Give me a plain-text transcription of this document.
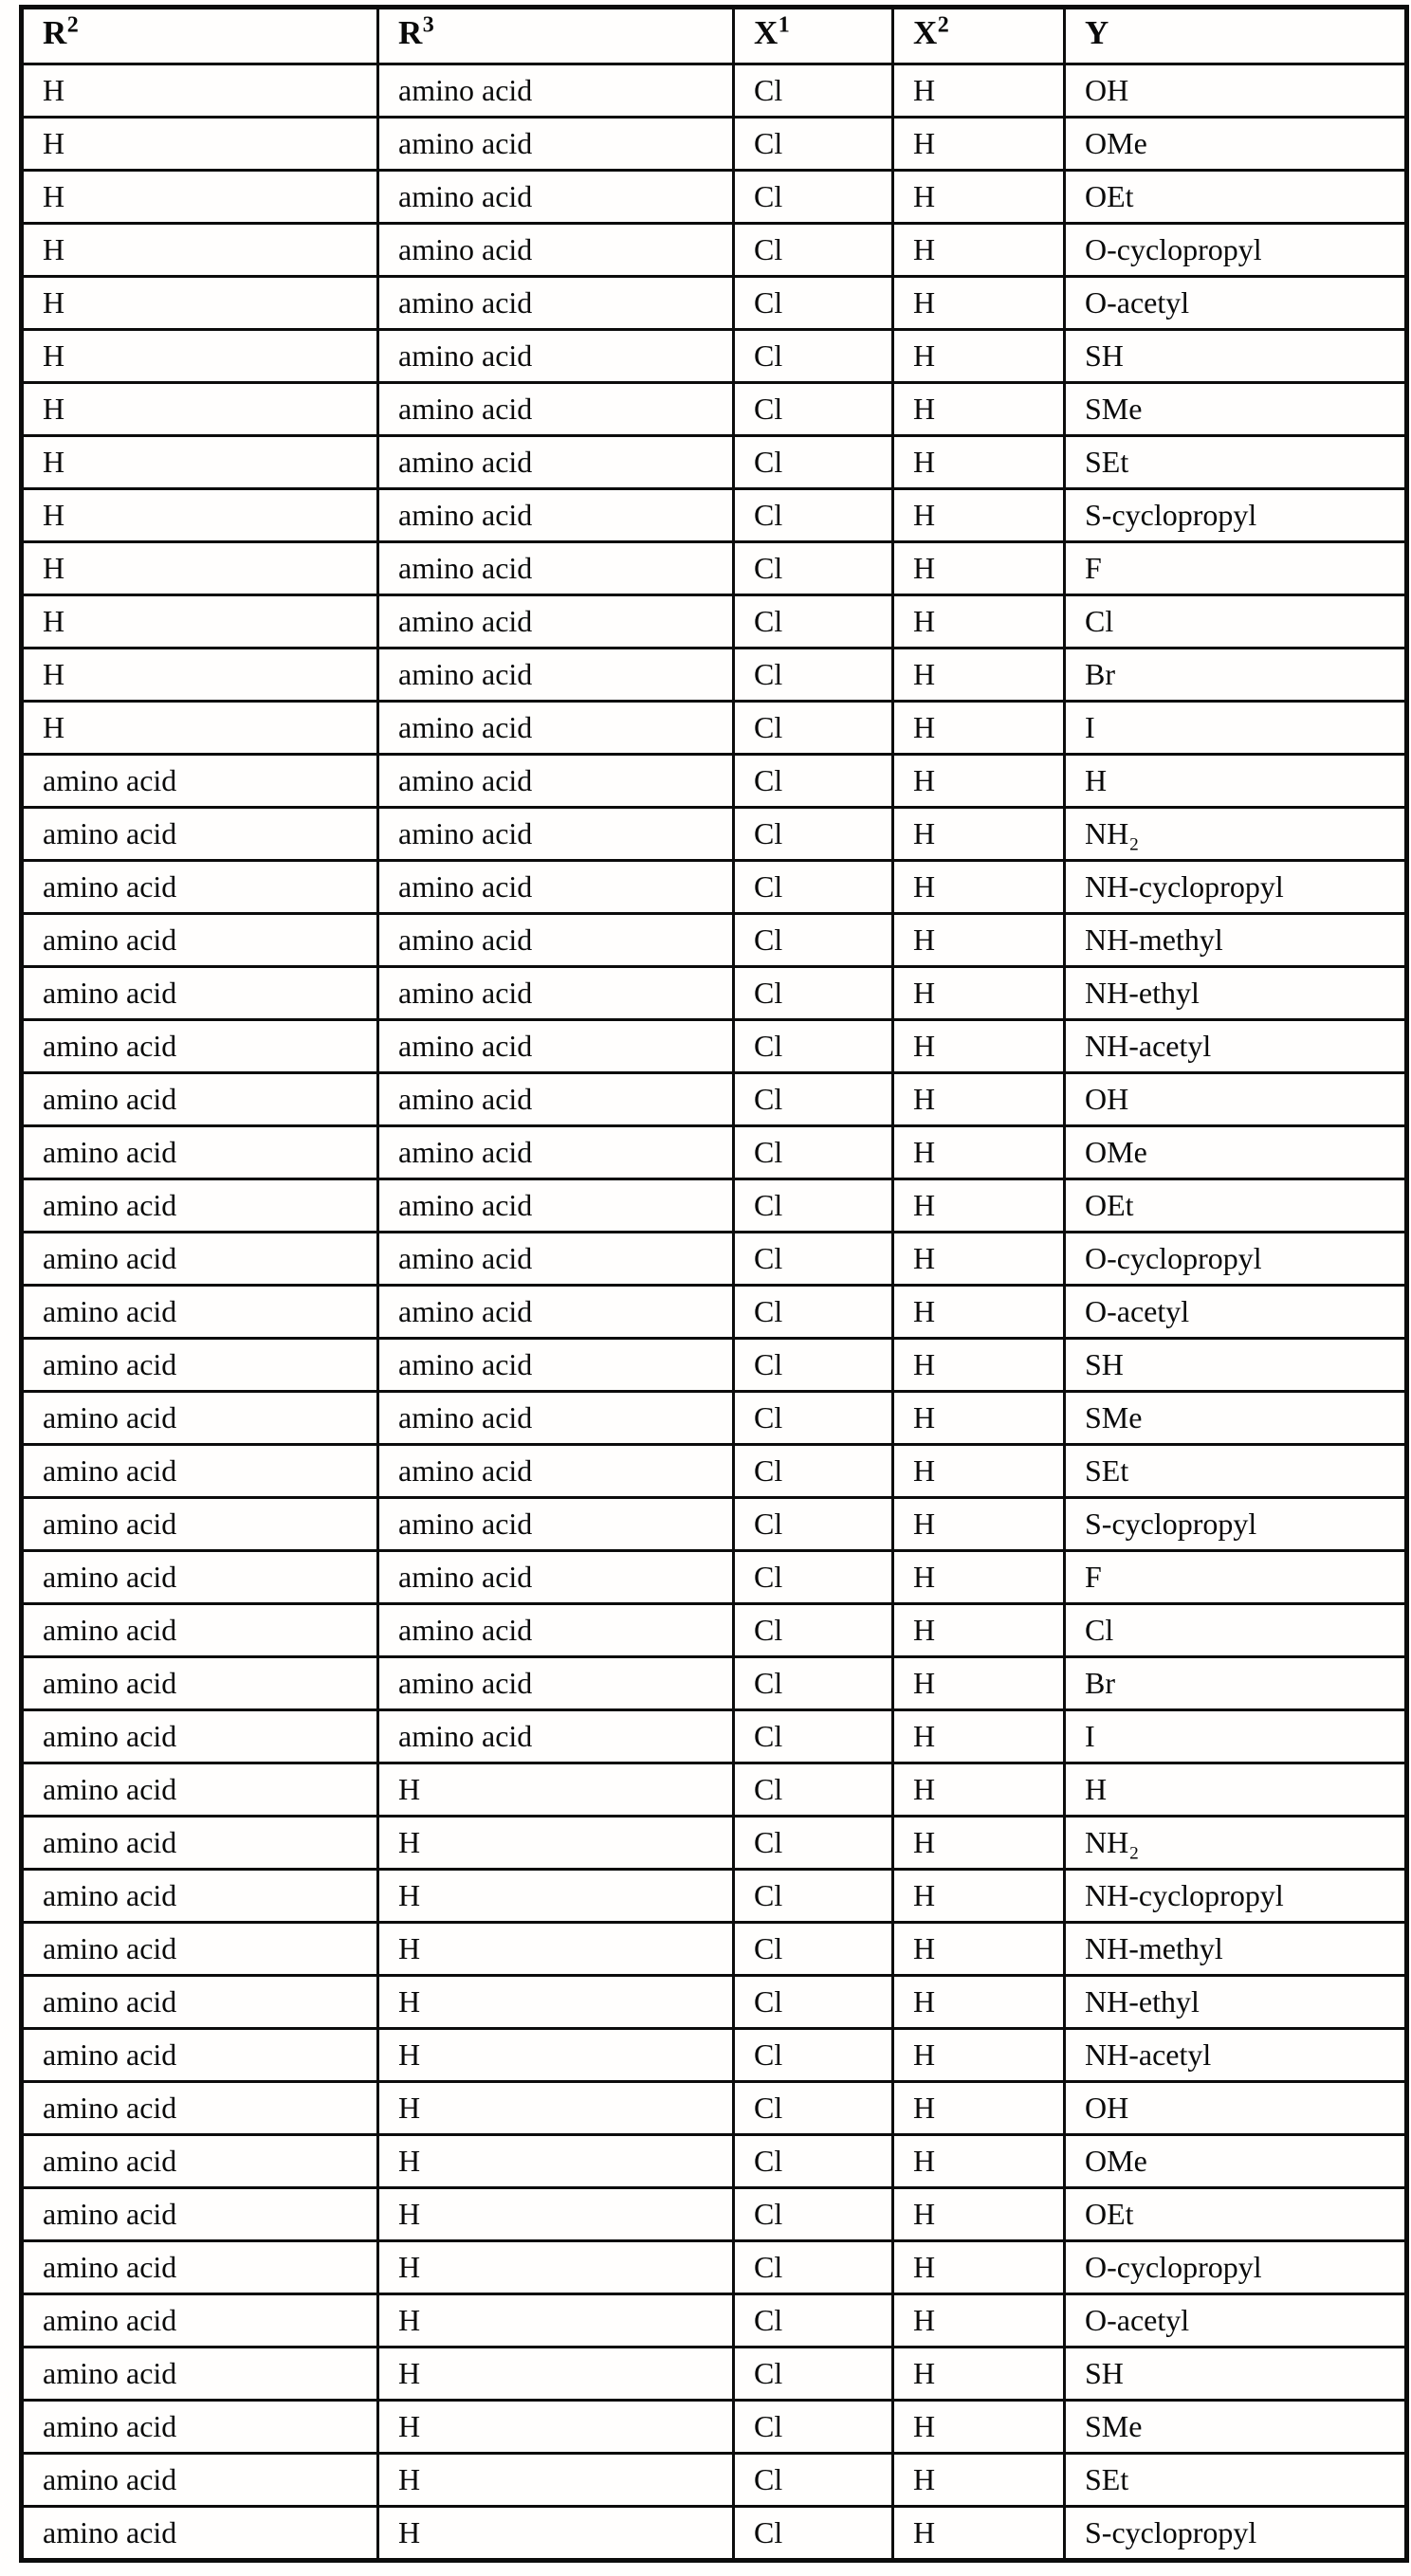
$R^2$	$R^3$	$X^1$	$X^2$	Y
H	amino acid	Cl	H	OH
H	amino acid	Cl	H	OMe
H	amino acid	Cl	H	OEt
H	amino acid	Cl	H	O-cyclopropyl
H	amino acid	Cl	H	O-acetyl
H	amino acid	Cl	H	SH
H	amino acid	Cl	H	SMe
H	amino acid	Cl	H	SEt
H	amino acid	Cl	H	S-cyclopropyl
H	amino acid	Cl	H	F
H	amino acid	Cl	H	Cl
H	amino acid	Cl	H	Br
H	amino acid	Cl	H	I
amino acid	amino acid	Cl	H	H
amino acid	amino acid	Cl	H	NH₂
amino acid	amino acid	Cl	H	NH-cyclopropyl
amino acid	amino acid	Cl	H	NH-methyl
amino acid	amino acid	Cl	H	NH-ethyl
amino acid	amino acid	Cl	H	NH-acetyl
amino acid	amino acid	Cl	H	OH
amino acid	amino acid	Cl	H	OMe
amino acid	amino acid	Cl	H	OEt
amino acid	amino acid	Cl	H	O-cyclopropyl
amino acid	amino acid	Cl	H	O-acetyl
amino acid	amino acid	Cl	H	SH
amino acid	amino acid	Cl	H	SMe
amino acid	amino acid	Cl	H	SEt
amino acid	amino acid	Cl	H	S-cyclopropyl
amino acid	amino acid	Cl	H	F
amino acid	amino acid	Cl	H	Cl
amino acid	amino acid	Cl	H	Br
amino acid	amino acid	Cl	H	I
amino acid	H	Cl	H	H
amino acid	H	Cl	H	NH₂
amino acid	H	Cl	H	NH-cyclopropyl
amino acid	H	Cl	H	NH-methyl
amino acid	H	Cl	H	NH-ethyl
amino acid	H	Cl	H	NH-acetyl
amino acid	H	Cl	H	OH
amino acid	H	Cl	H	OMe
amino acid	H	Cl	H	OEt
amino acid	H	Cl	H	O-cyclopropyl
amino acid	H	Cl	H	O-acetyl
amino acid	H	Cl	H	SH
amino acid	H	Cl	H	SMe
amino acid	H	Cl	H	SEt
amino acid	H	Cl	H	S-cyclopropyl
